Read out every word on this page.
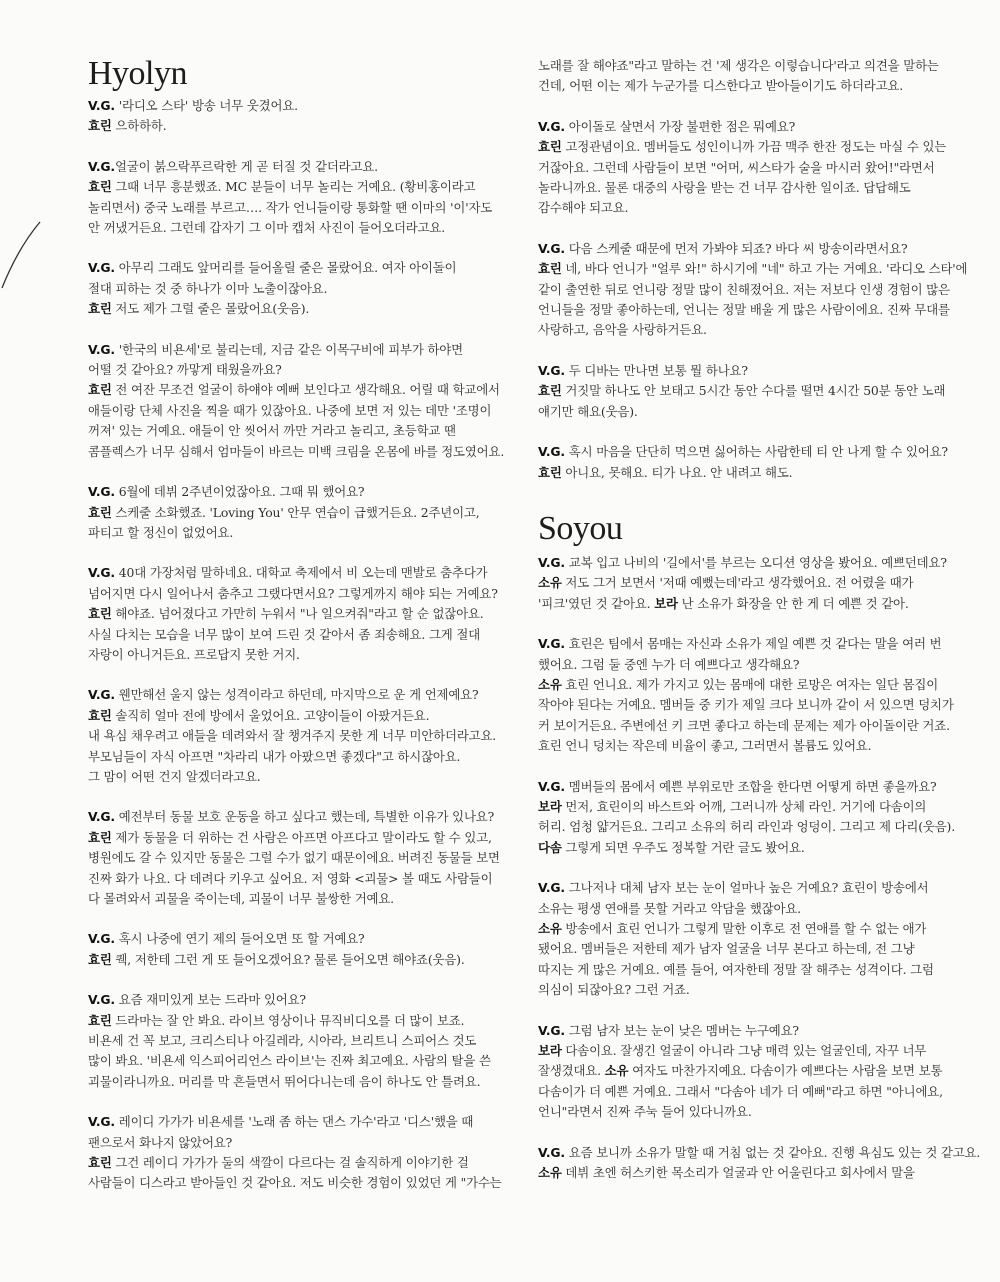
Hyolyn
V.G. '라디오 스타' 방송 너무 웃겼어요.
효린 으하하하.
V.G.얼굴이 붉으락푸르락한 게 곧 터질 것 같더라고요.
효린 그때 너무 흥분했죠. MC 분들이 너무 놀리는 거예요. (황비홍이라고
놀리면서) 중국 노래를 부르고…. 작가 언니들이랑 통화할 땐 이마의 '이'자도
안 꺼냈거든요. 그런데 갑자기 그 이마 캡처 사진이 들어오더라고요.
V.G. 아무리 그래도 앞머리를 들어올릴 줄은 몰랐어요. 여자 아이돌이
절대 피하는 것 중 하나가 이마 노출이잖아요.
효린 저도 제가 그럴 줄은 몰랐어요(웃음).
V.G. '한국의 비욘세'로 불리는데, 지금 같은 이목구비에 피부가 하야면
어떨 것 같아요? 까맣게 태웠을까요?
효린 전 여잔 무조건 얼굴이 하얘야 예뻐 보인다고 생각해요. 어릴 때 학교에서
애들이랑 단체 사진을 찍을 때가 있잖아요. 나중에 보면 저 있는 데만 '조명이
꺼져' 있는 거예요. 애들이 안 씻어서 까만 거라고 놀리고, 초등학교 땐
콤플렉스가 너무 심해서 엄마들이 바르는 미백 크림을 온몸에 바를 정도였어요.
V.G. 6월에 데뷔 2주년이었잖아요. 그때 뭐 했어요?
효린 스케줄 소화했죠. 'Loving You' 안무 연습이 급했거든요. 2주년이고,
파티고 할 정신이 없었어요.
V.G. 40대 가장처럼 말하네요. 대학교 축제에서 비 오는데 맨발로 춤추다가
넘어지면 다시 일어나서 춤추고 그랬다면서요? 그렇게까지 해야 되는 거예요?
효린 해야죠. 넘어졌다고 가만히 누워서 "나 일으켜줘"라고 할 순 없잖아요.
사실 다치는 모습을 너무 많이 보여 드린 것 같아서 좀 죄송해요. 그게 절대
자랑이 아니거든요. 프로답지 못한 거지.
V.G. 웬만해선 울지 않는 성격이라고 하던데, 마지막으로 운 게 언제예요?
효린 솔직히 얼마 전에 방에서 울었어요. 고양이들이 아팠거든요.
내 욕심 채우려고 애들을 데려와서 잘 챙겨주지 못한 게 너무 미안하더라고요.
부모님들이 자식 아프면 "차라리 내가 아팠으면 좋겠다"고 하시잖아요.
그 맘이 어떤 건지 알겠더라고요.
V.G. 예전부터 동물 보호 운동을 하고 싶다고 했는데, 특별한 이유가 있나요?
효린 제가 동물을 더 위하는 건 사람은 아프면 아프다고 말이라도 할 수 있고,
병원에도 갈 수 있지만 동물은 그럴 수가 없기 때문이에요. 버려진 동물들 보면
진짜 화가 나요. 다 데려다 키우고 싶어요. 저 영화 <괴물> 볼 때도 사람들이
다 몰려와서 괴물을 죽이는데, 괴물이 너무 불쌍한 거예요.
V.G. 혹시 나중에 연기 제의 들어오면 또 할 거예요?
효린 퀙, 저한테 그런 게 또 들어오겠어요? 물론 들어오면 해야죠(웃음).
V.G. 요즘 재미있게 보는 드라마 있어요?
효린 드라마는 잘 안 봐요. 라이브 영상이나 뮤직비디오를 더 많이 보죠.
비욘세 건 꼭 보고, 크리스티나 아길레라, 시아라, 브리트니 스피어스 것도
많이 봐요. '비욘세 익스피어리언스 라이브'는 진짜 최고예요. 사람의 탈을 쓴
괴물이라니까요. 머리를 막 흔들면서 뛰어다니는데 음이 하나도 안 틀려요.
V.G. 레이디 가가가 비욘세를 '노래 좀 하는 댄스 가수'라고 '디스'했을 때
팬으로서 화나지 않았어요?
효린 그건 레이디 가가가 둘의 색깔이 다르다는 걸 솔직하게 이야기한 걸
사람들이 디스라고 받아들인 것 같아요. 저도 비슷한 경험이 있었던 게 "가수는
노래를 잘 해야죠"라고 말하는 건 '제 생각은 이렇습니다'라고 의견을 말하는
건데, 어떤 이는 제가 누군가를 디스한다고 받아들이기도 하더라고요.
V.G. 아이돌로 살면서 가장 불편한 점은 뭐예요?
효린 고정관념이요. 멤버들도 성인이니까 가끔 맥주 한잔 정도는 마실 수 있는
거잖아요. 그런데 사람들이 보면 "어머, 씨스타가 술을 마시러 왔어!"라면서
놀라니까요. 물론 대중의 사랑을 받는 건 너무 감사한 일이죠. 답답해도
감수해야 되고요.
V.G. 다음 스케줄 때문에 먼저 가봐야 되죠? 바다 씨 방송이라면서요?
효린 네, 바다 언니가 "얼루 와!" 하시기에 "네" 하고 가는 거예요. '라디오 스타'에
같이 출연한 뒤로 언니랑 정말 많이 친해졌어요. 저는 저보다 인생 경험이 많은
언니들을 정말 좋아하는데, 언니는 정말 배울 게 많은 사람이에요. 진짜 무대를
사랑하고, 음악을 사랑하거든요.
V.G. 두 디바는 만나면 보통 뭘 하나요?
효린 거짓말 하나도 안 보태고 5시간 동안 수다를 떨면 4시간 50분 동안 노래
얘기만 해요(웃음).
V.G. 혹시 마음을 단단히 먹으면 싫어하는 사람한테 티 안 나게 할 수 있어요?
효린 아니요, 못해요. 티가 나요. 안 내려고 해도.
Soyou
V.G. 교복 입고 나비의 '길에서'를 부르는 오디션 영상을 봤어요. 예쁘던데요?
소유 저도 그거 보면서 '저때 예뻤는데'라고 생각했어요. 전 어렸을 때가
'피크'였던 것 같아요. 보라 난 소유가 화장을 안 한 게 더 예쁜 것 같아.
V.G. 효린은 팀에서 몸매는 자신과 소유가 제일 예쁜 것 같다는 말을 여러 번
했어요. 그럼 둘 중엔 누가 더 예쁘다고 생각해요?
소유 효린 언니요. 제가 가지고 있는 몸매에 대한 로망은 여자는 일단 몸집이
작아야 된다는 거예요. 멤버들 중 키가 제일 크다 보니까 같이 서 있으면 덩치가
커 보이거든요. 주변에선 키 크면 좋다고 하는데 문제는 제가 아이돌이란 거죠.
효린 언니 덩치는 작은데 비율이 좋고, 그러면서 볼륨도 있어요.
V.G. 멤버들의 몸에서 예쁜 부위로만 조합을 한다면 어떻게 하면 좋을까요?
보라 먼저, 효린이의 바스트와 어깨, 그러니까 상체 라인. 거기에 다솜이의
허리. 엄청 얇거든요. 그리고 소유의 허리 라인과 엉덩이. 그리고 제 다리(웃음).
다솜 그렇게 되면 우주도 정복할 거란 글도 봤어요.
V.G. 그나저나 대체 남자 보는 눈이 얼마나 높은 거예요? 효린이 방송에서
소유는 평생 연애를 못할 거라고 악담을 했잖아요.
소유 방송에서 효린 언니가 그렇게 말한 이후로 전 연애를 할 수 없는 애가
됐어요. 멤버들은 저한테 제가 남자 얼굴을 너무 본다고 하는데, 전 그냥
따지는 게 많은 거예요. 예를 들어, 여자한테 정말 잘 해주는 성격이다. 그럼
의심이 되잖아요? 그런 거죠.
V.G. 그럼 남자 보는 눈이 낮은 멤버는 누구예요?
보라 다솜이요. 잘생긴 얼굴이 아니라 그냥 매력 있는 얼굴인데, 자꾸 너무
잘생겼대요. 소유 여자도 마찬가지예요. 다솜이가 예쁘다는 사람을 보면 보통
다솜이가 더 예쁜 거예요. 그래서 "다솜아 네가 더 예뻐"라고 하면 "아니에요,
언니"라면서 진짜 주눅 들어 있다니까요.
V.G. 요즘 보니까 소유가 말할 때 거침 없는 것 같아요. 진행 욕심도 있는 것 같고요.
소유 데뷔 초엔 허스키한 목소리가 얼굴과 안 어울린다고 회사에서 말을
